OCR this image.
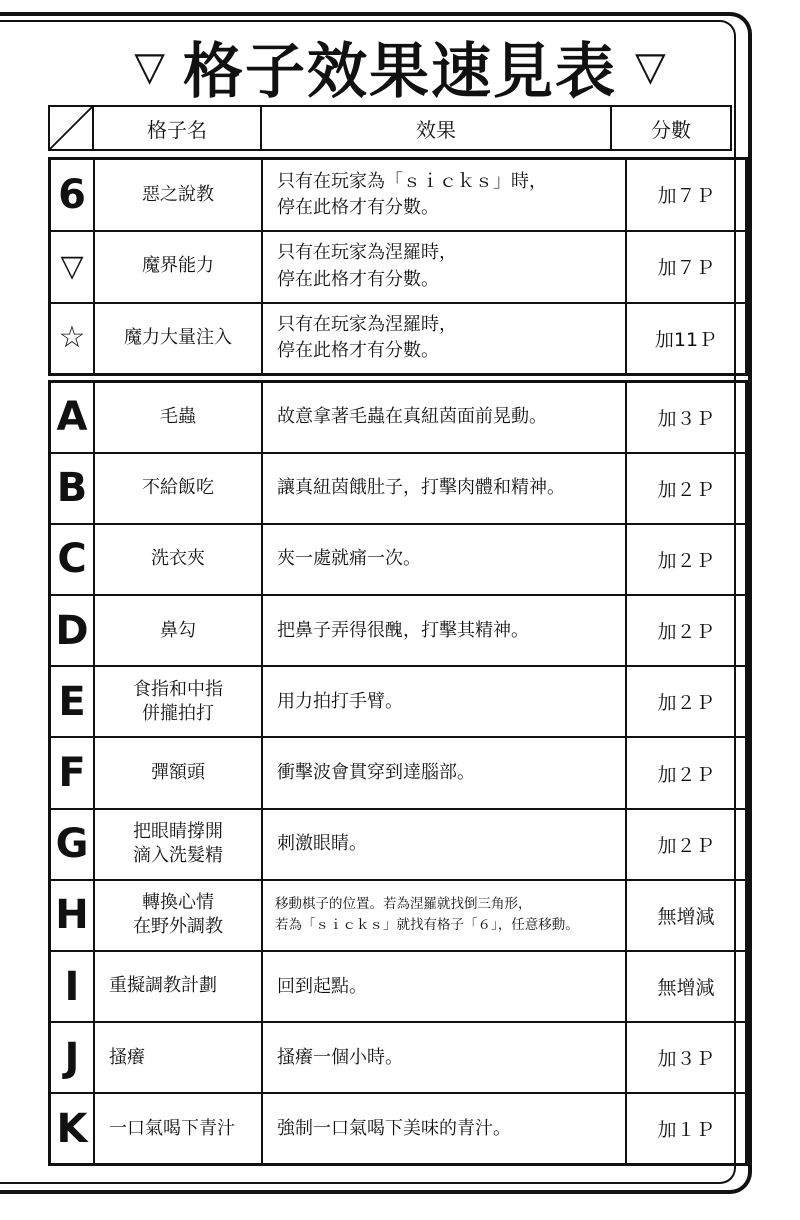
▽ 格子效果速見表 ▽
	格子名	效果	分數
6	惡之說教	只有在玩家為「ｓｉｃｋｓ」時，
停在此格才有分數。	加７Ｐ
▽	魔界能力	只有在玩家為涅羅時，
停在此格才有分數。	加７Ｐ
☆	魔力大量注入	只有在玩家為涅羅時，
停在此格才有分數。	加11Ｐ
A	毛蟲	故意拿著毛蟲在真紐茵面前晃動。	加３Ｐ
B	不給飯吃	讓真紐茵餓肚子，打擊肉體和精神。	加２Ｐ
C	洗衣夾	夾一處就痛一次。	加２Ｐ
D	鼻勾	把鼻子弄得很醜，打擊其精神。	加２Ｐ
E	食指和中指
併攏拍打	用力拍打手臂。	加２Ｐ
F	彈額頭	衝擊波會貫穿到達腦部。	加２Ｐ
G	把眼睛撐開
滴入洗髮精	刺激眼睛。	加２Ｐ
H	轉換心情
在野外調教	移動棋子的位置。若為涅羅就找倒三角形，
若為「ｓｉｃｋｓ」就找有格子「６」，任意移動。	無增減
I	重擬調教計劃	回到起點。	無增減
J	搔癢	搔癢一個小時。	加３Ｐ
K	一口氣喝下青汁	強制一口氣喝下美味的青汁。	加１Ｐ
